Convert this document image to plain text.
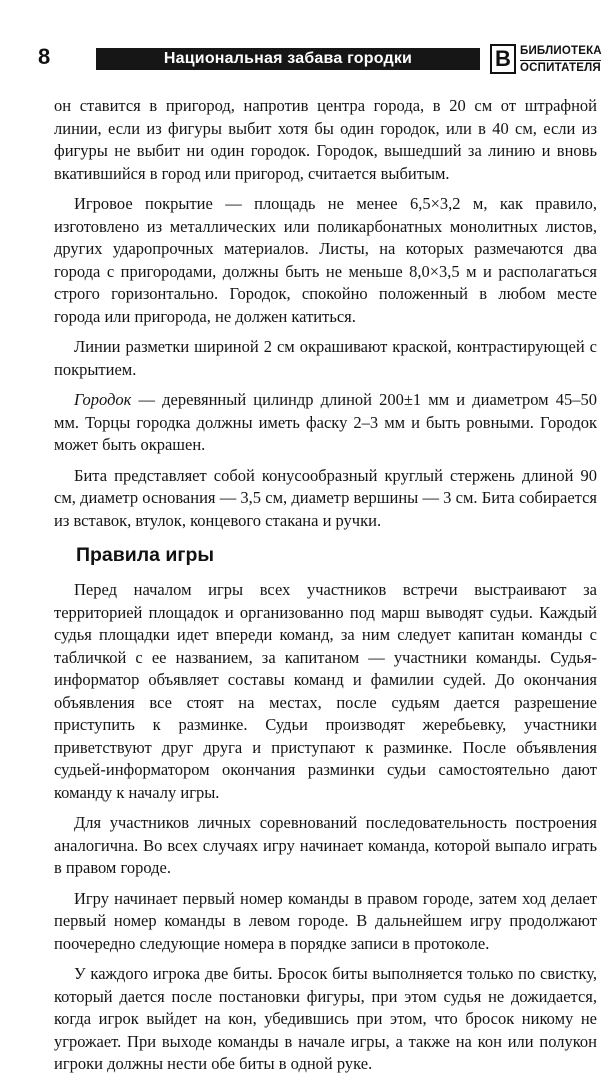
8	Национальная забава городки	В БИБЛИОТЕКА
ОСПИТАТЕЛЯ

он ставится в пригород, напротив центра города, в 20 см от штрафной линии, если из фигуры выбит хотя бы один городок, или в 40 см, если из фигуры не выбит ни один городок. Городок, вышедший за линию и вновь вкатившийся в город или пригород, считается выбитым.

Игровое покрытие — площадь не менее 6,5×3,2 м, как правило, изготовлено из металлических или поликарбонатных монолитных листов, других ударопрочных материалов. Листы, на которых размечаются два города с пригородами, должны быть не меньше 8,0×3,5 м и располагаться строго горизонтально. Городок, спокойно положенный в любом месте города или пригорода, не должен катиться.

Линии разметки шириной 2 см окрашивают краской, контрастирующей с покрытием.

Городок — деревянный цилиндр длиной 200±1 мм и диаметром 45–50 мм. Торцы городка должны иметь фаску 2–3 мм и быть ровными. Городок может быть окрашен.

Бита представляет собой конусообразный круглый стержень длиной 90 см, диаметр основания — 3,5 см, диаметр вершины — 3 см. Бита собирается из вставок, втулок, концевого стакана и ручки.

Правила игры

Перед началом игры всех участников встречи выстраивают за территорией площадок и организованно под марш выводят судьи. Каждый судья площадки идет впереди команд, за ним следует капитан команды с табличкой с ее названием, за капитаном — участники команды. Судья-информатор объявляет составы команд и фамилии судей. До окончания объявления все стоят на местах, после судьям дается разрешение приступить к разминке. Судьи производят жеребьевку, участники приветствуют друг друга и приступают к разминке. После объявления судьей-информатором окончания разминки судьи самостоятельно дают команду к началу игры.

Для участников личных соревнований последовательность построения аналогична. Во всех случаях игру начинает команда, которой выпало играть в правом городе.

Игру начинает первый номер команды в правом городе, затем ход делает первый номер команды в левом городе. В дальнейшем игру продолжают поочередно следующие номера в порядке записи в протоколе.

У каждого игрока две биты. Бросок биты выполняется только по свистку, который дается после постановки фигуры, при этом судья не дожидается, когда игрок выйдет на кон, убедившись при этом, что бросок никому не угрожает. При выходе команды в начале игры, а также на кон или полукон игроки должны нести обе биты в одной руке.
